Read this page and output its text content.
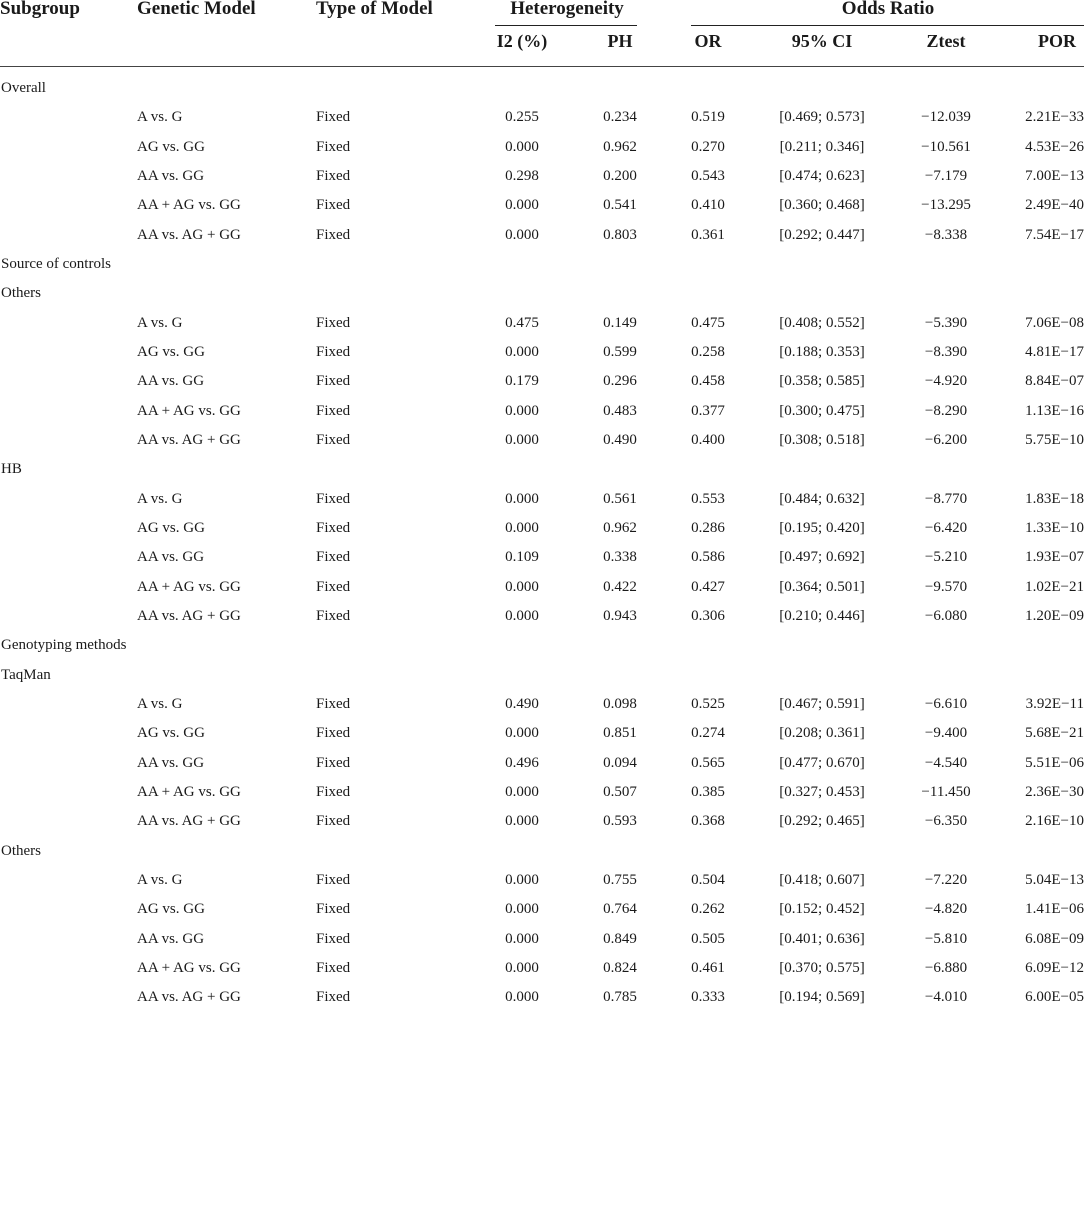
Subgroup	Genetic Model	Type of Model	Heterogeneity	Odds Ratio
I2 (%)	PH	OR	95% CI	Ztest	POR
Overall
A vs. G	Fixed	0.255	0.234	0.519	[0.469; 0.573]	−12.039	2.21E−33
AG vs. GG	Fixed	0.000	0.962	0.270	[0.211; 0.346]	−10.561	4.53E−26
AA vs. GG	Fixed	0.298	0.200	0.543	[0.474; 0.623]	−7.179	7.00E−13
AA + AG vs. GG	Fixed	0.000	0.541	0.410	[0.360; 0.468]	−13.295	2.49E−40
AA vs. AG + GG	Fixed	0.000	0.803	0.361	[0.292; 0.447]	−8.338	7.54E−17
Source of controls
Others
A vs. G	Fixed	0.475	0.149	0.475	[0.408; 0.552]	−5.390	7.06E−08
AG vs. GG	Fixed	0.000	0.599	0.258	[0.188; 0.353]	−8.390	4.81E−17
AA vs. GG	Fixed	0.179	0.296	0.458	[0.358; 0.585]	−4.920	8.84E−07
AA + AG vs. GG	Fixed	0.000	0.483	0.377	[0.300; 0.475]	−8.290	1.13E−16
AA vs. AG + GG	Fixed	0.000	0.490	0.400	[0.308; 0.518]	−6.200	5.75E−10
HB
A vs. G	Fixed	0.000	0.561	0.553	[0.484; 0.632]	−8.770	1.83E−18
AG vs. GG	Fixed	0.000	0.962	0.286	[0.195; 0.420]	−6.420	1.33E−10
AA vs. GG	Fixed	0.109	0.338	0.586	[0.497; 0.692]	−5.210	1.93E−07
AA + AG vs. GG	Fixed	0.000	0.422	0.427	[0.364; 0.501]	−9.570	1.02E−21
AA vs. AG + GG	Fixed	0.000	0.943	0.306	[0.210; 0.446]	−6.080	1.20E−09
Genotyping methods
TaqMan
A vs. G	Fixed	0.490	0.098	0.525	[0.467; 0.591]	−6.610	3.92E−11
AG vs. GG	Fixed	0.000	0.851	0.274	[0.208; 0.361]	−9.400	5.68E−21
AA vs. GG	Fixed	0.496	0.094	0.565	[0.477; 0.670]	−4.540	5.51E−06
AA + AG vs. GG	Fixed	0.000	0.507	0.385	[0.327; 0.453]	−11.450	2.36E−30
AA vs. AG + GG	Fixed	0.000	0.593	0.368	[0.292; 0.465]	−6.350	2.16E−10
Others
A vs. G	Fixed	0.000	0.755	0.504	[0.418; 0.607]	−7.220	5.04E−13
AG vs. GG	Fixed	0.000	0.764	0.262	[0.152; 0.452]	−4.820	1.41E−06
AA vs. GG	Fixed	0.000	0.849	0.505	[0.401; 0.636]	−5.810	6.08E−09
AA + AG vs. GG	Fixed	0.000	0.824	0.461	[0.370; 0.575]	−6.880	6.09E−12
AA vs. AG + GG	Fixed	0.000	0.785	0.333	[0.194; 0.569]	−4.010	6.00E−05
